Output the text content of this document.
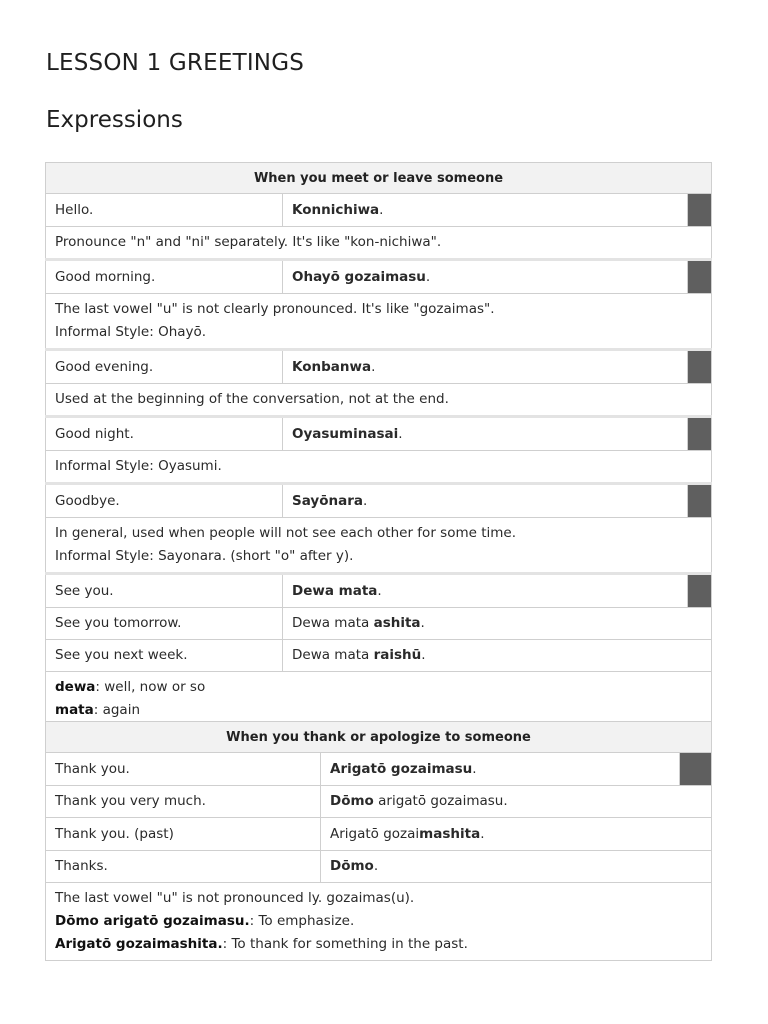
LESSON 1 GREETINGS
Expressions
When you meet or leave someone		
Hello.	Konnichiwa.	

Pronounce "n" and "ni" separately. It's like "kon-nichiwa".		

Good morning.	Ohayō gozaimasu.	

The last vowel "u" is not clearly pronounced. It's like "gozaimas".
Informal Style: Ohayō.		

Good evening.	Konbanwa.	

Used at the beginning of the conversation, not at the end.		

Good night.	Oyasuminasai.	

Informal Style: Oyasumi.		

Goodbye.	Sayōnara.	

In general, used when people will not see each other for some time.
Informal Style: Sayonara. (short "o" after y).		

See you.	Dewa mata.	
See you tomorrow.	Dewa mata ashita.	
See you next week.	Dewa mata raishū.	

dewa: well, now or so
mata: again		
When you thank or apologize to someone		
Thank you.	Arigatō gozaimasu.	
Thank you very much.	Dōmo arigatō gozaimasu.	
Thank you. (past)	Arigatō gozaimashita.	
Thanks.	Dōmo.	

The last vowel "u" is not pronounced ly. gozaimas(u).
Dōmo arigatō gozaimasu.: To emphasize.
Arigatō gozaimashita.: To thank for something in the past.		
